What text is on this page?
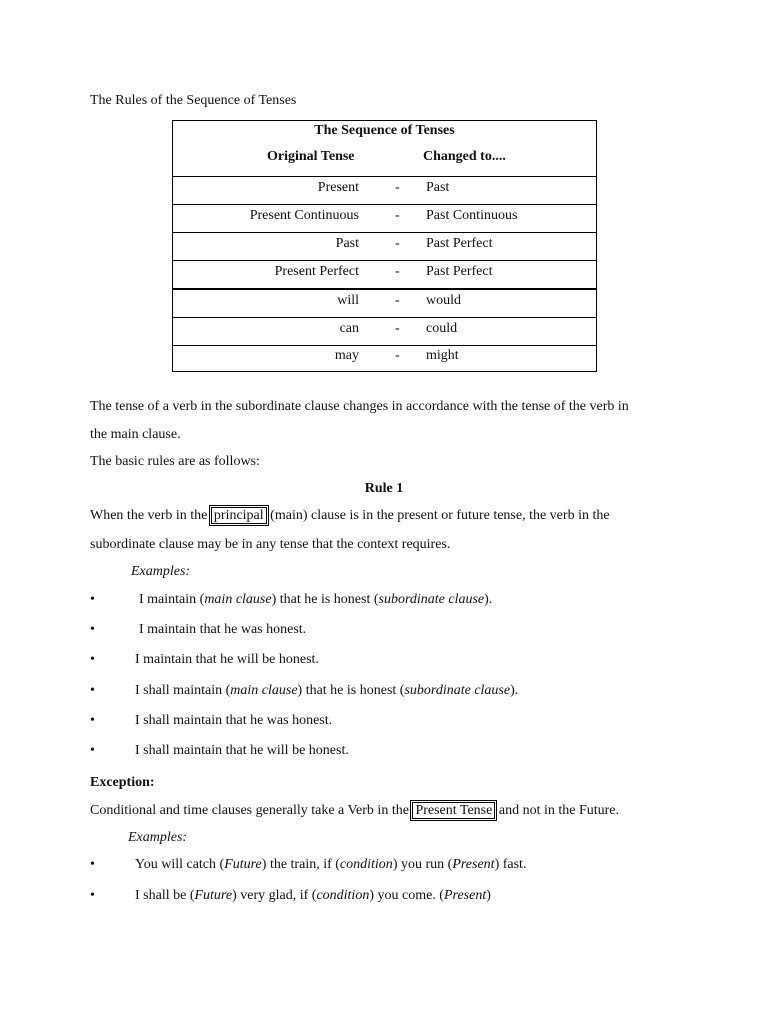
The Rules of the Sequence of Tenses
The Sequence of Tenses
Original Tense	Changed to....
Present	- Past
Present Continuous	- Past Continuous
Past	- Past Perfect
Present Perfect	- Past Perfect
will	- would
can	- could
may	- might
The tense of a verb in the subordinate clause changes in accordance with the tense of the verb in
the main clause.
The basic rules are as follows:
Rule 1
When the verb in the principal (main) clause is in the present or future tense, the verb in the
subordinate clause may be in any tense that the context requires.
Examples:
•	I maintain (main clause) that he is honest (subordinate clause).
•	I maintain that he was honest.
•	I maintain that he will be honest.
•	I shall maintain (main clause) that he is honest (subordinate clause).
•	I shall maintain that he was honest.
•	I shall maintain that he will be honest.
Exception:
Conditional and time clauses generally take a Verb in the Present Tense and not in the Future.
Examples:
•	You will catch (Future) the train, if (condition) you run (Present) fast.
•	I shall be (Future) very glad, if (condition) you come. (Present)
